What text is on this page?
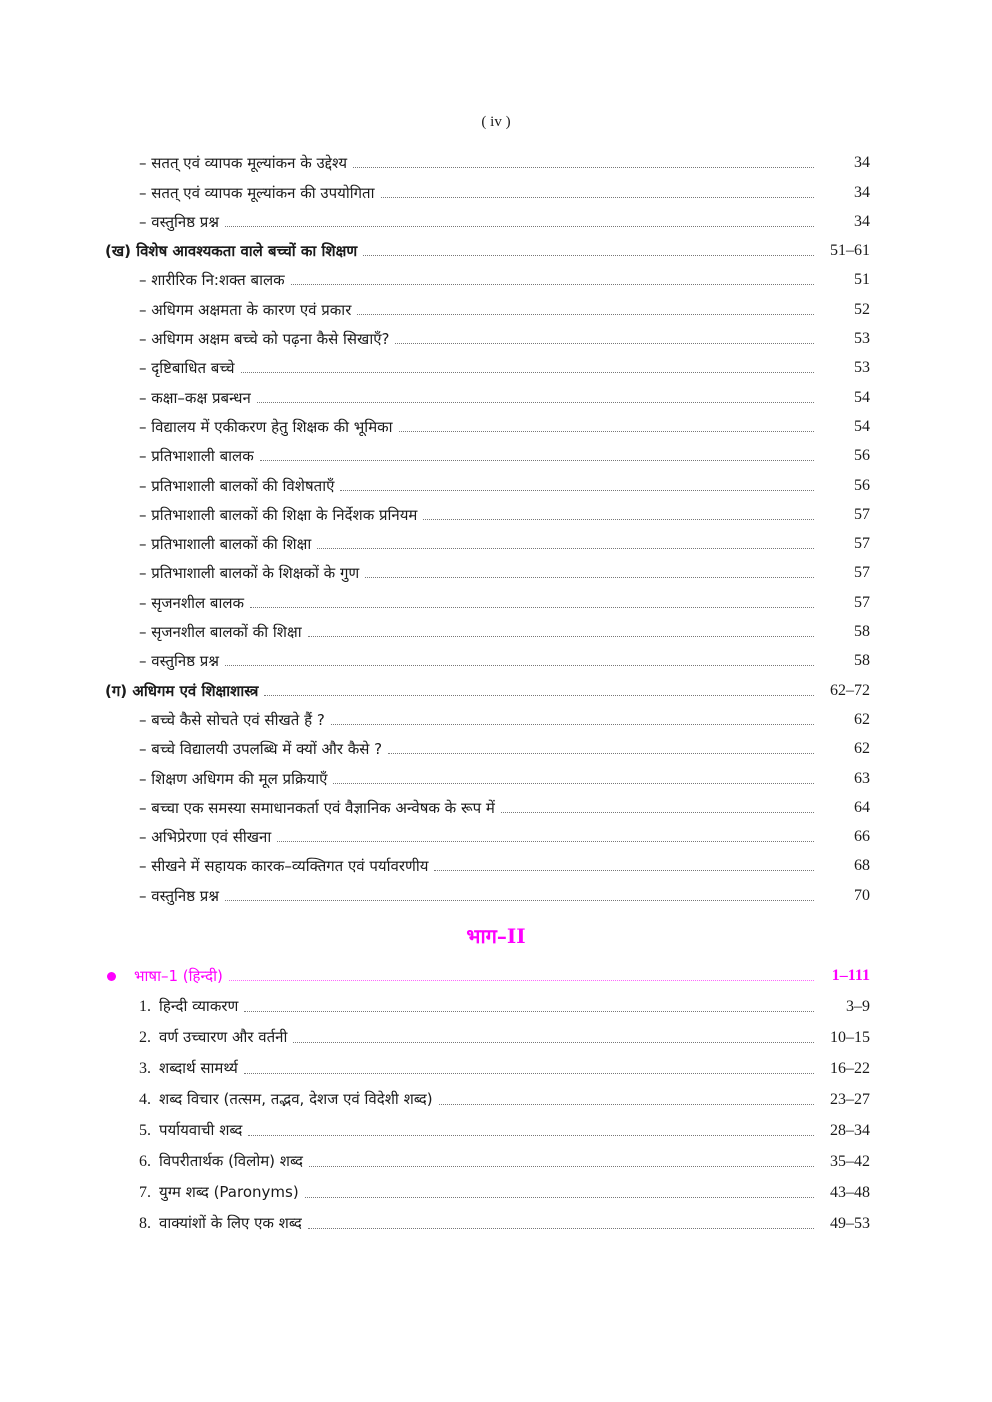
( iv )
– सतत् एवं व्यापक मूल्यांकन के उद्देश्य	34
– सतत् एवं व्यापक मूल्यांकन की उपयोगिता	34
– वस्तुनिष्ठ प्रश्न	34
(ख) विशेष आवश्यकता वाले बच्चों का शिक्षण	51–61
– शारीरिक नि:शक्त बालक	51
– अधिगम अक्षमता के कारण एवं प्रकार	52
– अधिगम अक्षम बच्चे को पढ़ना कैसे सिखाएँ?	53
– दृष्टिबाधित बच्चे	53
– कक्षा–कक्ष प्रबन्धन	54
– विद्यालय में एकीकरण हेतु शिक्षक की भूमिका	54
– प्रतिभाशाली बालक	56
– प्रतिभाशाली बालकों की विशेषताएँ	56
– प्रतिभाशाली बालकों की शिक्षा के निर्देशक प्रनियम	57
– प्रतिभाशाली बालकों की शिक्षा	57
– प्रतिभाशाली बालकों के शिक्षकों के गुण	57
– सृजनशील बालक	57
– सृजनशील बालकों की शिक्षा	58
– वस्तुनिष्ठ प्रश्न	58
(ग) अधिगम एवं शिक्षाशास्त्र	62–72
– बच्चे कैसे सोचते एवं सीखते हैं ?	62
– बच्चे विद्यालयी उपलब्धि में क्यों और कैसे ?	62
– शिक्षण अधिगम की मूल प्रक्रियाएँ	63
– बच्चा एक समस्या समाधानकर्ता एवं वैज्ञानिक अन्वेषक के रूप में	64
– अभिप्रेरणा एवं सीखना	66
– सीखने में सहायक कारक–व्यक्तिगत एवं पर्यावरणीय	68
– वस्तुनिष्ठ प्रश्न	70
भाग–II
भाषा–1 (हिन्दी)	1–111
1. हिन्दी व्याकरण	3–9
2. वर्ण उच्चारण और वर्तनी	10–15
3. शब्दार्थ सामर्थ्य	16–22
4. शब्द विचार (तत्सम, तद्भव, देशज एवं विदेशी शब्द)	23–27
5. पर्यायवाची शब्द	28–34
6. विपरीतार्थक (विलोम) शब्द	35–42
7. युग्म शब्द (Paronyms)	43–48
8. वाक्यांशों के लिए एक शब्द	49–53
